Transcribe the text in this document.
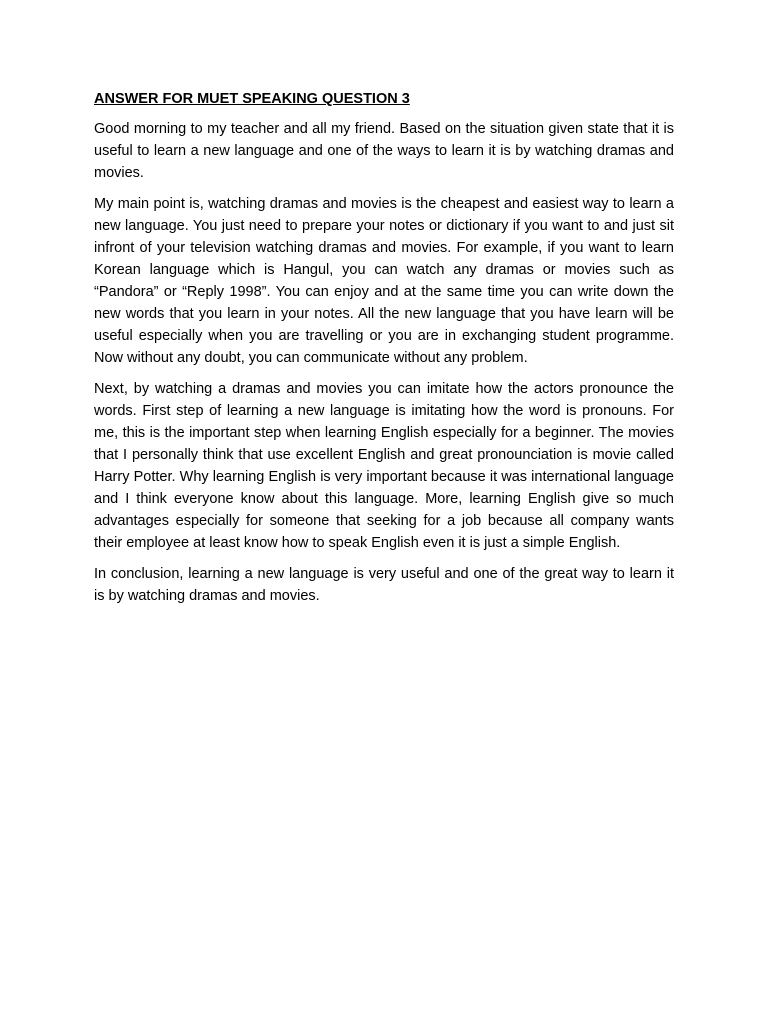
ANSWER FOR MUET SPEAKING QUESTION 3

Good morning to my teacher and all my friend. Based on the situation given state that it is useful to learn a new language and one of the ways to learn it is by watching dramas and movies.

My main point is, watching dramas and movies is the cheapest and easiest way to learn a new language. You just need to prepare your notes or dictionary if you want to and just sit infront of your television watching dramas and movies. For example, if you want to learn Korean language which is Hangul, you can watch any dramas or movies such as “Pandora” or “Reply 1998”. You can enjoy and at the same time you can write down the new words that you learn in your notes. All the new language that you have learn will be useful especially when you are travelling or you are in exchanging student programme. Now without any doubt, you can communicate without any problem.

Next, by watching a dramas and movies you can imitate how the actors pronounce the words. First step of learning a new language is imitating how the word is pronouns. For me, this is the important step when learning English especially for a beginner. The movies that I personally think that use excellent English and great pronounciation is movie called Harry Potter. Why learning English is very important because it was international language and I think everyone know about this language. More, learning English give so much advantages especially for someone that seeking for a job because all company wants their employee at least know how to speak English even it is just a simple English.

In conclusion, learning a new language is very useful and one of the great way to learn it is by watching dramas and movies.
